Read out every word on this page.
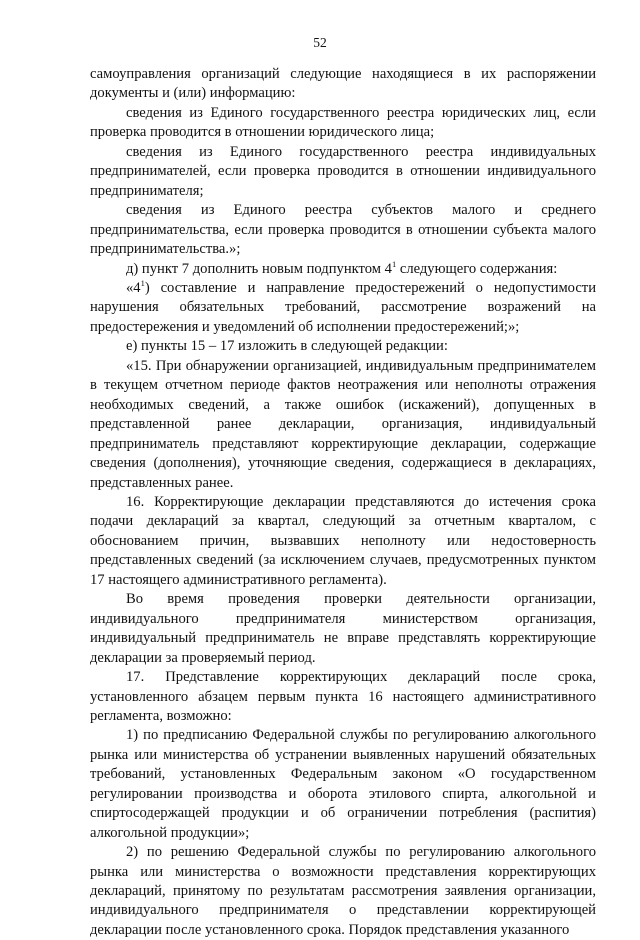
52

самоуправления организаций следующие находящиеся в их распоряжении документы и (или) информацию:

сведения из Единого государственного реестра юридических лиц, если проверка проводится в отношении юридического лица;

сведения из Единого государственного реестра индивидуальных предпринимателей, если проверка проводится в отношении индивидуального предпринимателя;

сведения из Единого реестра субъектов малого и среднего предпринимательства, если проверка проводится в отношении субъекта малого предпринимательства.»;

д) пункт 7 дополнить новым подпунктом $4^1$ следующего содержания:

«$4^1$) составление и направление предостережений о недопустимости нарушения обязательных требований, рассмотрение возражений на предостережения и уведомлений об исполнении предостережений;»;

е) пункты 15 – 17 изложить в следующей редакции:

«15. При обнаружении организацией, индивидуальным предпринимателем в текущем отчетном периоде фактов неотражения или неполноты отражения необходимых сведений, а также ошибок (искажений), допущенных в представленной ранее декларации, организация, индивидуальный предприниматель представляют корректирующие декларации, содержащие сведения (дополнения), уточняющие сведения, содержащиеся в декларациях, представленных ранее.

16. Корректирующие декларации представляются до истечения срока подачи деклараций за квартал, следующий за отчетным кварталом, с обоснованием причин, вызвавших неполноту или недостоверность представленных сведений (за исключением случаев, предусмотренных пунктом 17 настоящего административного регламента).

Во время проведения проверки деятельности организации, индивидуального предпринимателя министерством организация, индивидуальный предприниматель не вправе представлять корректирующие декларации за проверяемый период.

17. Представление корректирующих деклараций после срока, установленного абзацем первым пункта 16 настоящего административного регламента, возможно:

1) по предписанию Федеральной службы по регулированию алкогольного рынка или министерства об устранении выявленных нарушений обязательных требований, установленных Федеральным законом «О государственном регулировании производства и оборота этилового спирта, алкогольной и спиртосодержащей продукции и об ограничении потребления (распития) алкогольной продукции»;

2) по решению Федеральной службы по регулированию алкогольного рынка или министерства о возможности представления корректирующих деклараций, принятому по результатам рассмотрения заявления организации, индивидуального предпринимателя о представлении корректирующей декларации после установленного срока. Порядок представления указанного
